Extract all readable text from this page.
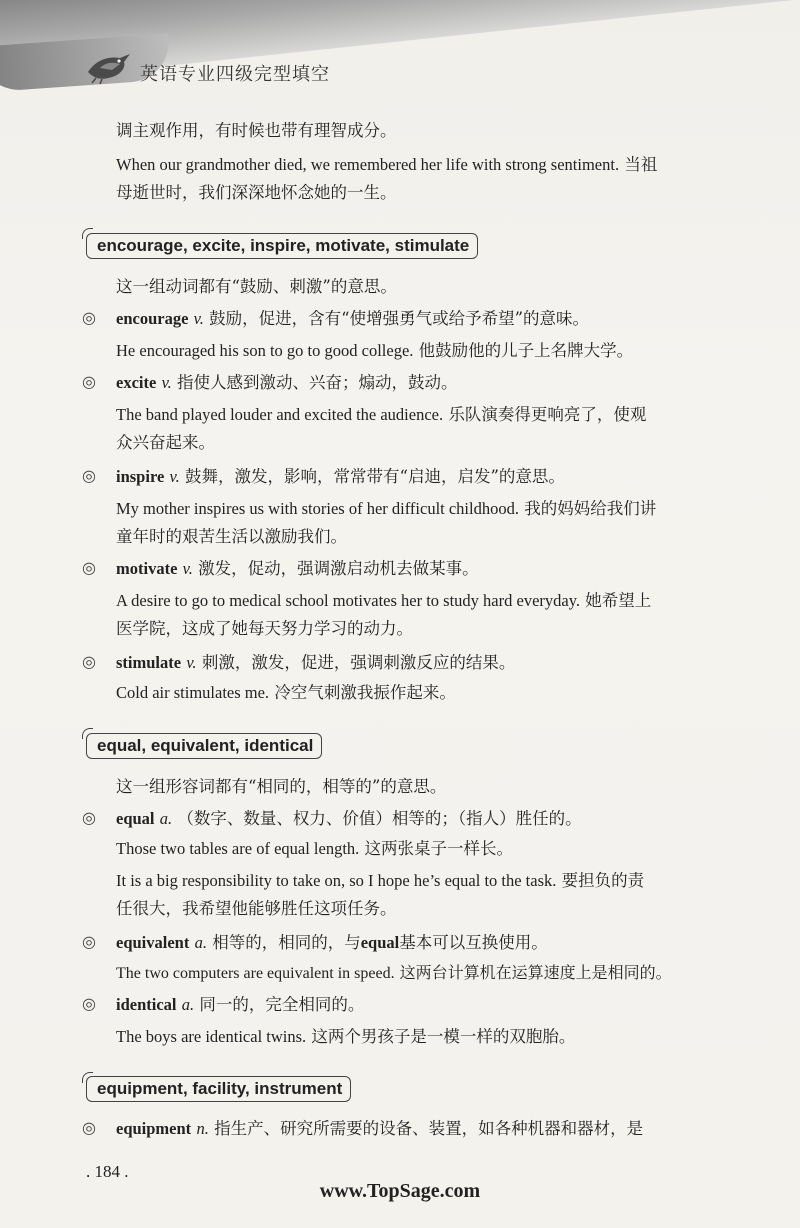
英语专业四级完型填空
调主观作用，有时候也带有理智成分。
When our grandmother died, we remembered her life with strong sentiment. 当祖
母逝世时，我们深深地怀念她的一生。
encourage, excite, inspire, motivate, stimulate
这一组动词都有“鼓励、刺激”的意思。
◎ encourage v. 鼓励，促进，含有“使增强勇气或给予希望”的意味。
He encouraged his son to go to good college. 他鼓励他的儿子上名牌大学。
◎ excite v. 指使人感到激动、兴奋；煽动，鼓动。
The band played louder and excited the audience. 乐队演奏得更响亮了，使观
众兴奋起来。
◎ inspire v. 鼓舞，激发，影响，常常带有“启迪，启发”的意思。
My mother inspires us with stories of her difficult childhood. 我的妈妈给我们讲
童年时的艰苦生活以激励我们。
◎ motivate v. 激发，促动，强调激启动机去做某事。
A desire to go to medical school motivates her to study hard everyday. 她希望上
医学院，这成了她每天努力学习的动力。
◎ stimulate v. 刺激，激发，促进，强调刺激反应的结果。
Cold air stimulates me. 冷空气刺激我振作起来。
equal, equivalent, identical
这一组形容词都有“相同的，相等的”的意思。
◎ equal a. （数字、数量、权力、价值）相等的；（指人）胜任的。
Those two tables are of equal length. 这两张桌子一样长。
It is a big responsibility to take on, so I hope he’s equal to the task. 要担负的责
任很大，我希望他能够胜任这项任务。
◎ equivalent a. 相等的，相同的，与equal基本可以互换使用。
The two computers are equivalent in speed. 这两台计算机在运算速度上是相同的。
◎ identical a. 同一的，完全相同的。
The boys are identical twins. 这两个男孩子是一模一样的双胞胎。
equipment, facility, instrument
◎ equipment n. 指生产、研究所需要的设备、装置，如各种机器和器材，是
. 184 .
www.TopSage.com
